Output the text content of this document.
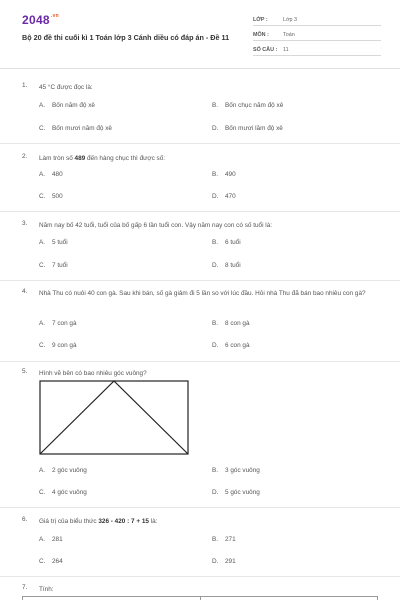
$2048^{.vn}$
Bộ 20 đề thi cuối kì 1 Toán lớp 3 Cánh diều có đáp án - Đề 11
LỚP :	Lớp 3
MÔN :	Toán
SỐ CÂU : 11
1. 45 °C được đọc là:
A. Bốn năm độ xê	B. Bốn chục năm độ xê
C. Bốn mươi năm độ xê	D. Bốn mươi lăm độ xê
2. Làm tròn số 489 đến hàng chục thì được số:
A. 480	B. 490
C. 500	D. 470
3. Năm nay bố 42 tuổi, tuổi của bố gấp 6 lần tuổi con. Vậy năm nay con có số tuổi là:
A. 5 tuổi	B. 6 tuổi
C. 7 tuổi	D. 8 tuổi
4. Nhà Thu có nuôi 40 con gà. Sau khi bán, số gà giảm đi 5 lần so với lúc đầu. Hỏi nhà Thu đã bán bao nhiêu con gà?
A. 7 con gà	B. 8 con gà
C. 9 con gà	D. 6 con gà
5. Hình vẽ bên có bao nhiêu góc vuông?
A. 2 góc vuông	B. 3 góc vuông
C. 4 góc vuông	D. 5 góc vuông
6. Giá trị của biểu thức 326 - 420 : 7 + 15 là:
A. 281	B. 271
C. 264	D. 291
7. Tính:
